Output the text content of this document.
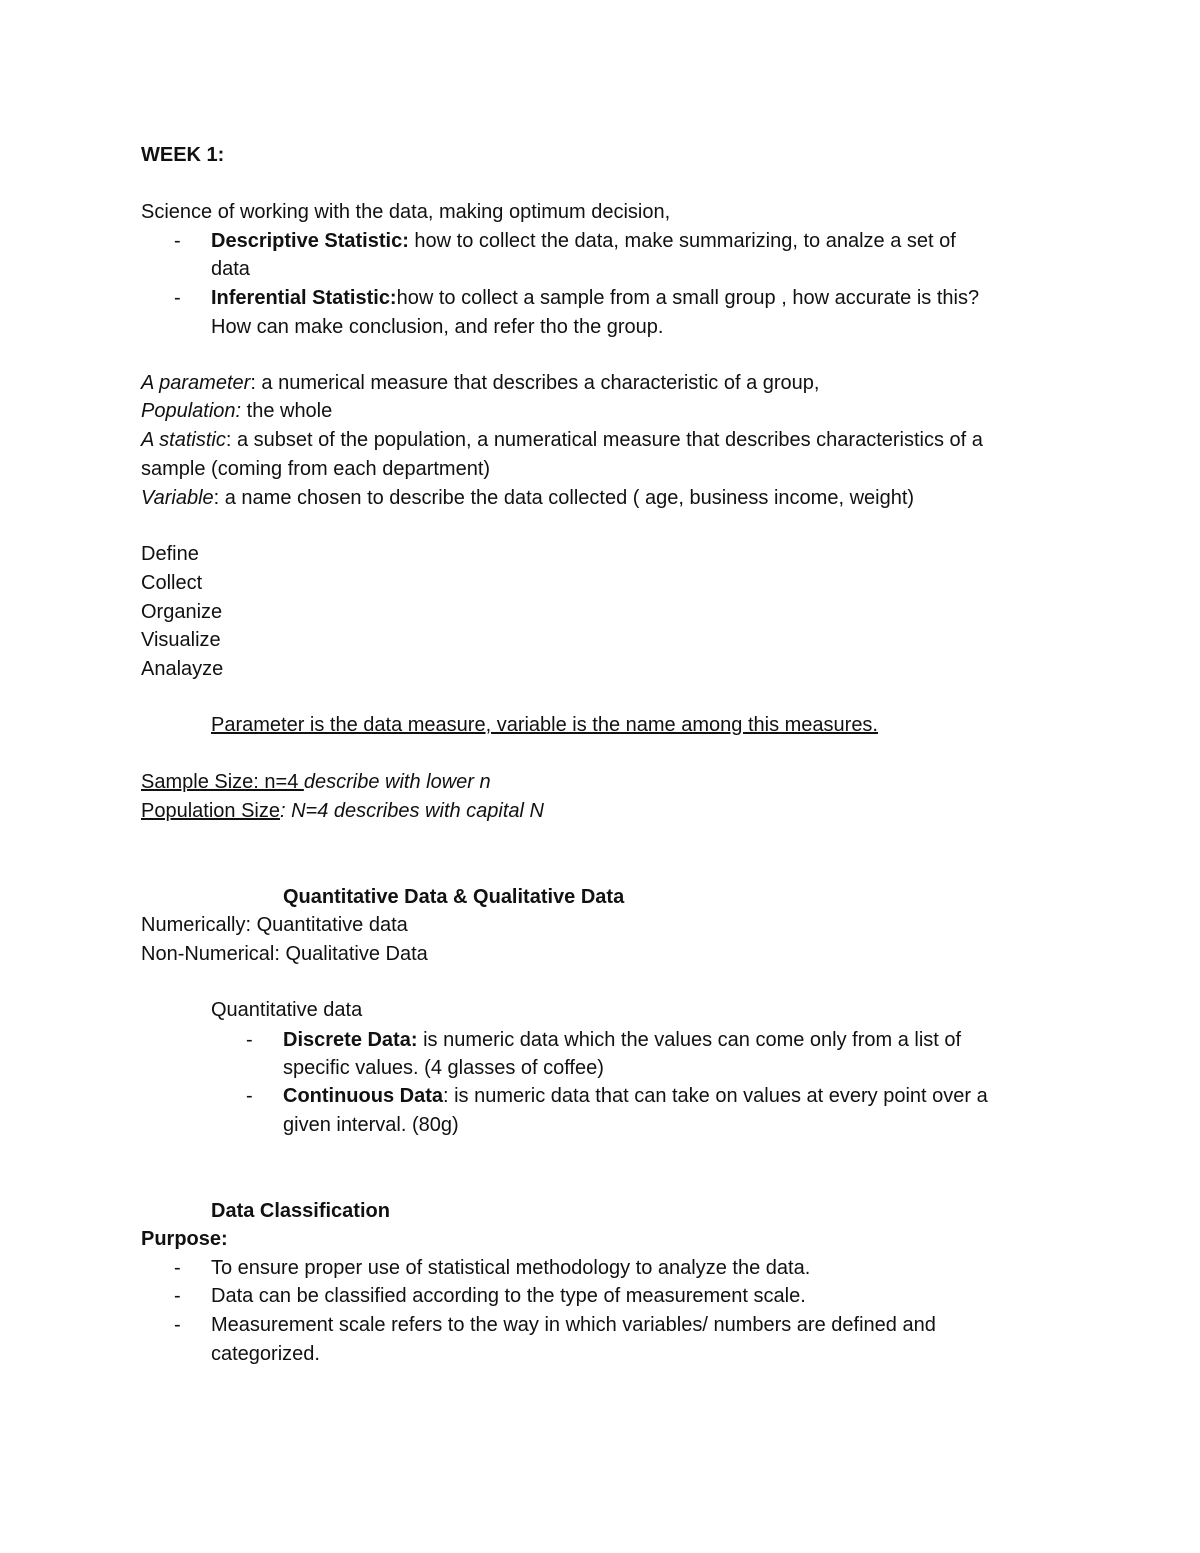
WEEK 1:
Science of working with the data, making optimum decision,
- Descriptive Statistic: how to collect the data, make summarizing, to analze a set of
data
- Inferential Statistic:how to collect a sample from a small group , how accurate is this?
How can make conclusion, and refer tho the group.
A parameter: a numerical measure that describes a characteristic of a group,
Population: the whole
A statistic: a subset of the population, a numeratical measure that describes characteristics of a
sample (coming from each department)
Variable: a name chosen to describe the data collected ( age, business income, weight)
Define
Collect
Organize
Visualize
Analayze
Parameter is the data measure, variable is the name among this measures.
Sample Size: n=4 describe with lower n
Population Size: N=4 describes with capital N
Quantitative Data & Qualitative Data
Numerically: Quantitative data
Non-Numerical: Qualitative Data
Quantitative data
- Discrete Data: is numeric data which the values can come only from a list of
specific values. (4 glasses of coffee)
- Continuous Data: is numeric data that can take on values at every point over a
given interval. (80g)
Data Classification
Purpose:
- To ensure proper use of statistical methodology to analyze the data.
- Data can be classified according to the type of measurement scale.
- Measurement scale refers to the way in which variables/ numbers are defined and
categorized.
